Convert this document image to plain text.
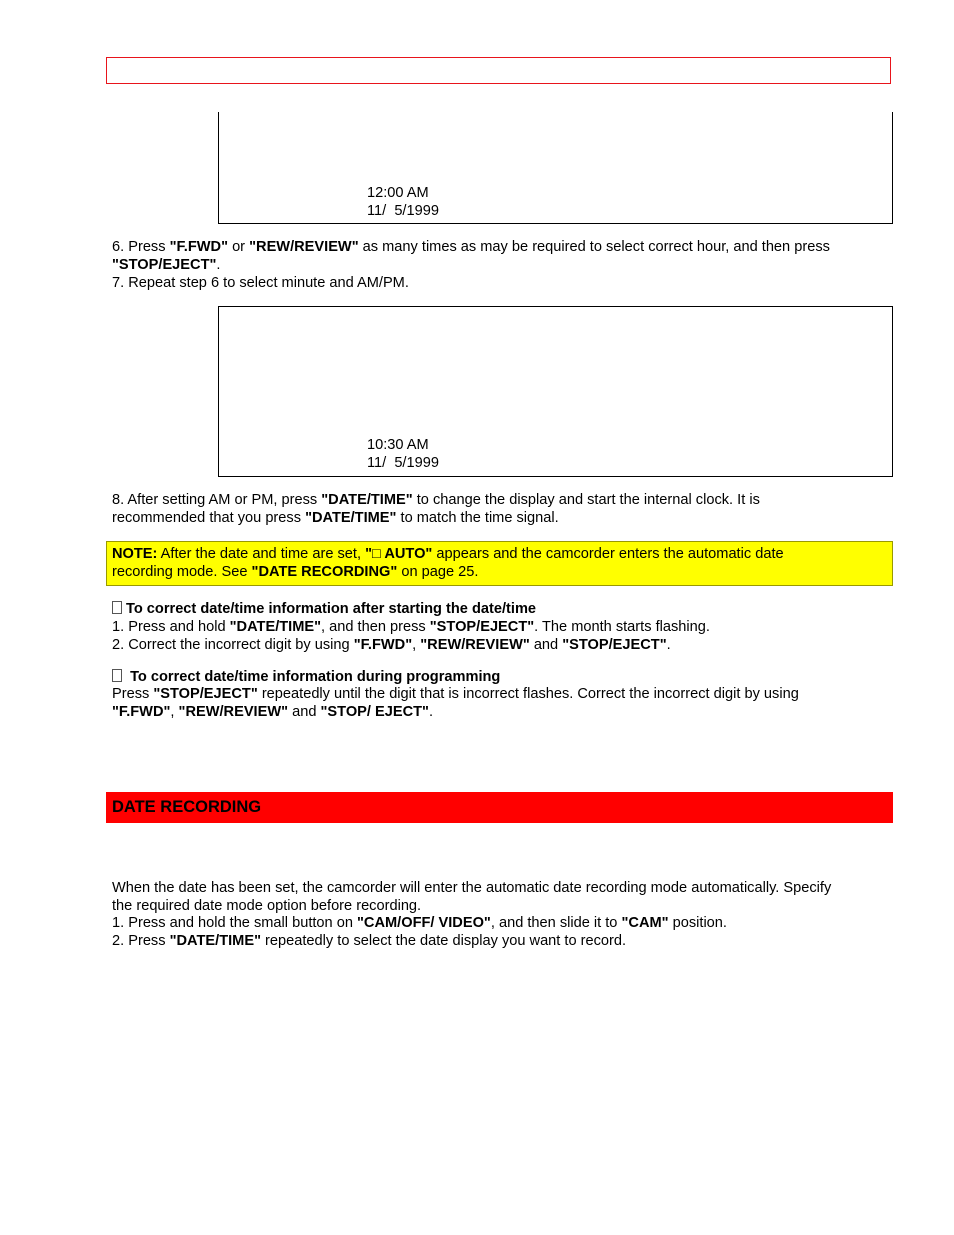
12:00 AM
11/  5/1999
6. Press "F.FWD" or "REW/REVIEW" as many times as may be required to select correct hour, and then press
"STOP/EJECT".
7. Repeat step 6 to select minute and AM/PM.
10:30 AM
11/  5/1999
8. After setting AM or PM, press "DATE/TIME" to change the display and start the internal clock. It is
recommended that you press "DATE/TIME" to match the time signal.
NOTE: After the date and time are set, "□ AUTO" appears and the camcorder enters the automatic date
recording mode. See "DATE RECORDING" on page 25.
To correct date/time information after starting the date/time
1. Press and hold "DATE/TIME", and then press "STOP/EJECT". The month starts flashing.
2. Correct the incorrect digit by using "F.FWD", "REW/REVIEW" and "STOP/EJECT".
To correct date/time information during programming
Press "STOP/EJECT" repeatedly until the digit that is incorrect flashes. Correct the incorrect digit by using
"F.FWD", "REW/REVIEW" and "STOP/ EJECT".
DATE RECORDING
When the date has been set, the camcorder will enter the automatic date recording mode automatically. Specify
the required date mode option before recording.
1. Press and hold the small button on "CAM/OFF/ VIDEO", and then slide it to "CAM" position.
2. Press "DATE/TIME" repeatedly to select the date display you want to record.
